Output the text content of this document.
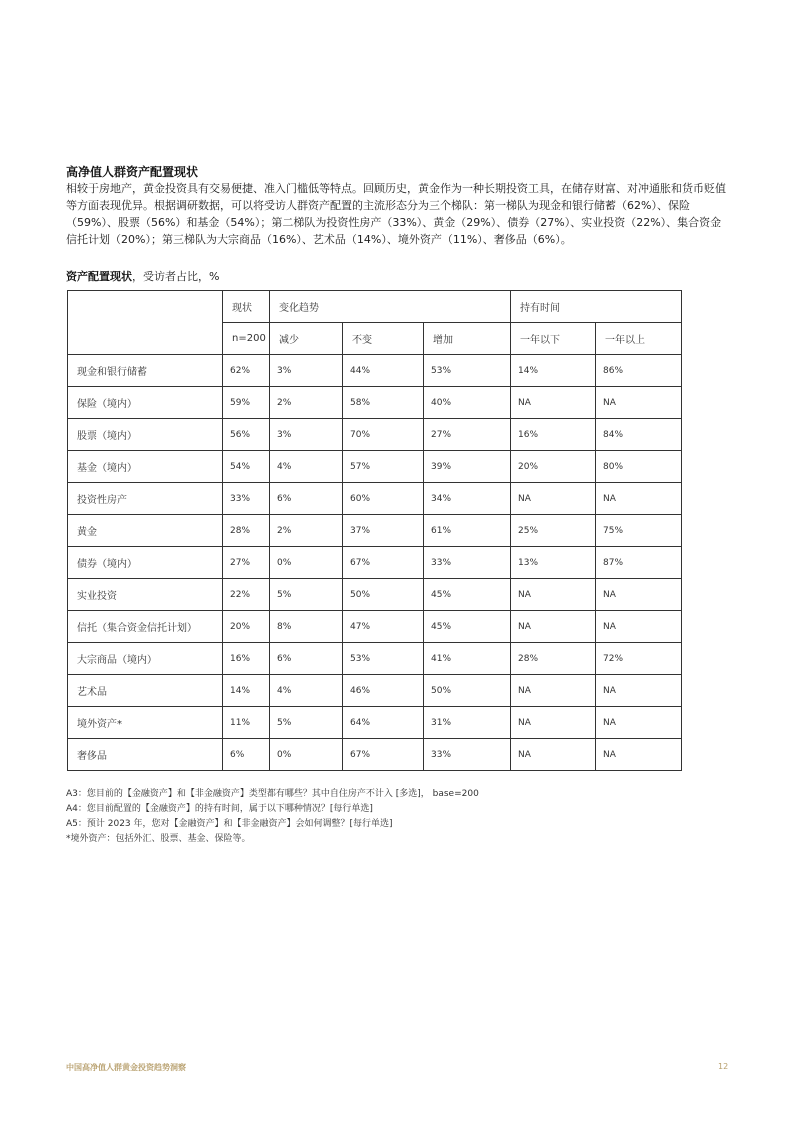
高净值人群资产配置现状
相较于房地产，黄金投资具有交易便捷、准入门槛低等特点。回顾历史，黄金作为一种长期投资工具，在储存财富、对冲通胀和货币贬值等方面表现优异。根据调研数据，可以将受访人群资产配置的主流形态分为三个梯队：第一梯队为现金和银行储蓄（62%）、保险（59%）、股票（56%）和基金（54%）；第二梯队为投资性房产（33%）、黄金（29%）、债券（27%）、实业投资（22%）、集合资金信托计划（20%）；第三梯队为大宗商品（16%）、艺术品（14%）、境外资产（11%）、奢侈品（6%）。
资产配置现状，受访者占比，%
	现状	变化趋势			持有时间	
	n=200	减少	不变	增加	一年以下	一年以上
现金和银行储蓄	62%	3%	44%	53%	14%	86%
保险（境内）	59%	2%	58%	40%	NA	NA
股票（境内）	56%	3%	70%	27%	16%	84%
基金（境内）	54%	4%	57%	39%	20%	80%
投资性房产	33%	6%	60%	34%	NA	NA
黄金	28%	2%	37%	61%	25%	75%
债券（境内）	27%	0%	67%	33%	13%	87%
实业投资	22%	5%	50%	45%	NA	NA
信托（集合资金信托计划）	20%	8%	47%	45%	NA	NA
大宗商品（境内）	16%	6%	53%	41%	28%	72%
艺术品	14%	4%	46%	50%	NA	NA
境外资产*	11%	5%	64%	31%	NA	NA
奢侈品	6%	0%	67%	33%	NA	NA
A3：您目前的【金融资产】和【非金融资产】类型都有哪些？其中自住房产不计入 [多选]， base=200
A4：您目前配置的【金融资产】的持有时间，属于以下哪种情况？[每行单选]
A5：预计 2023 年，您对【金融资产】和【非金融资产】会如何调整？[每行单选]
*境外资产：包括外汇、股票、基金、保险等。
中国高净值人群黄金投资趋势洞察	12
